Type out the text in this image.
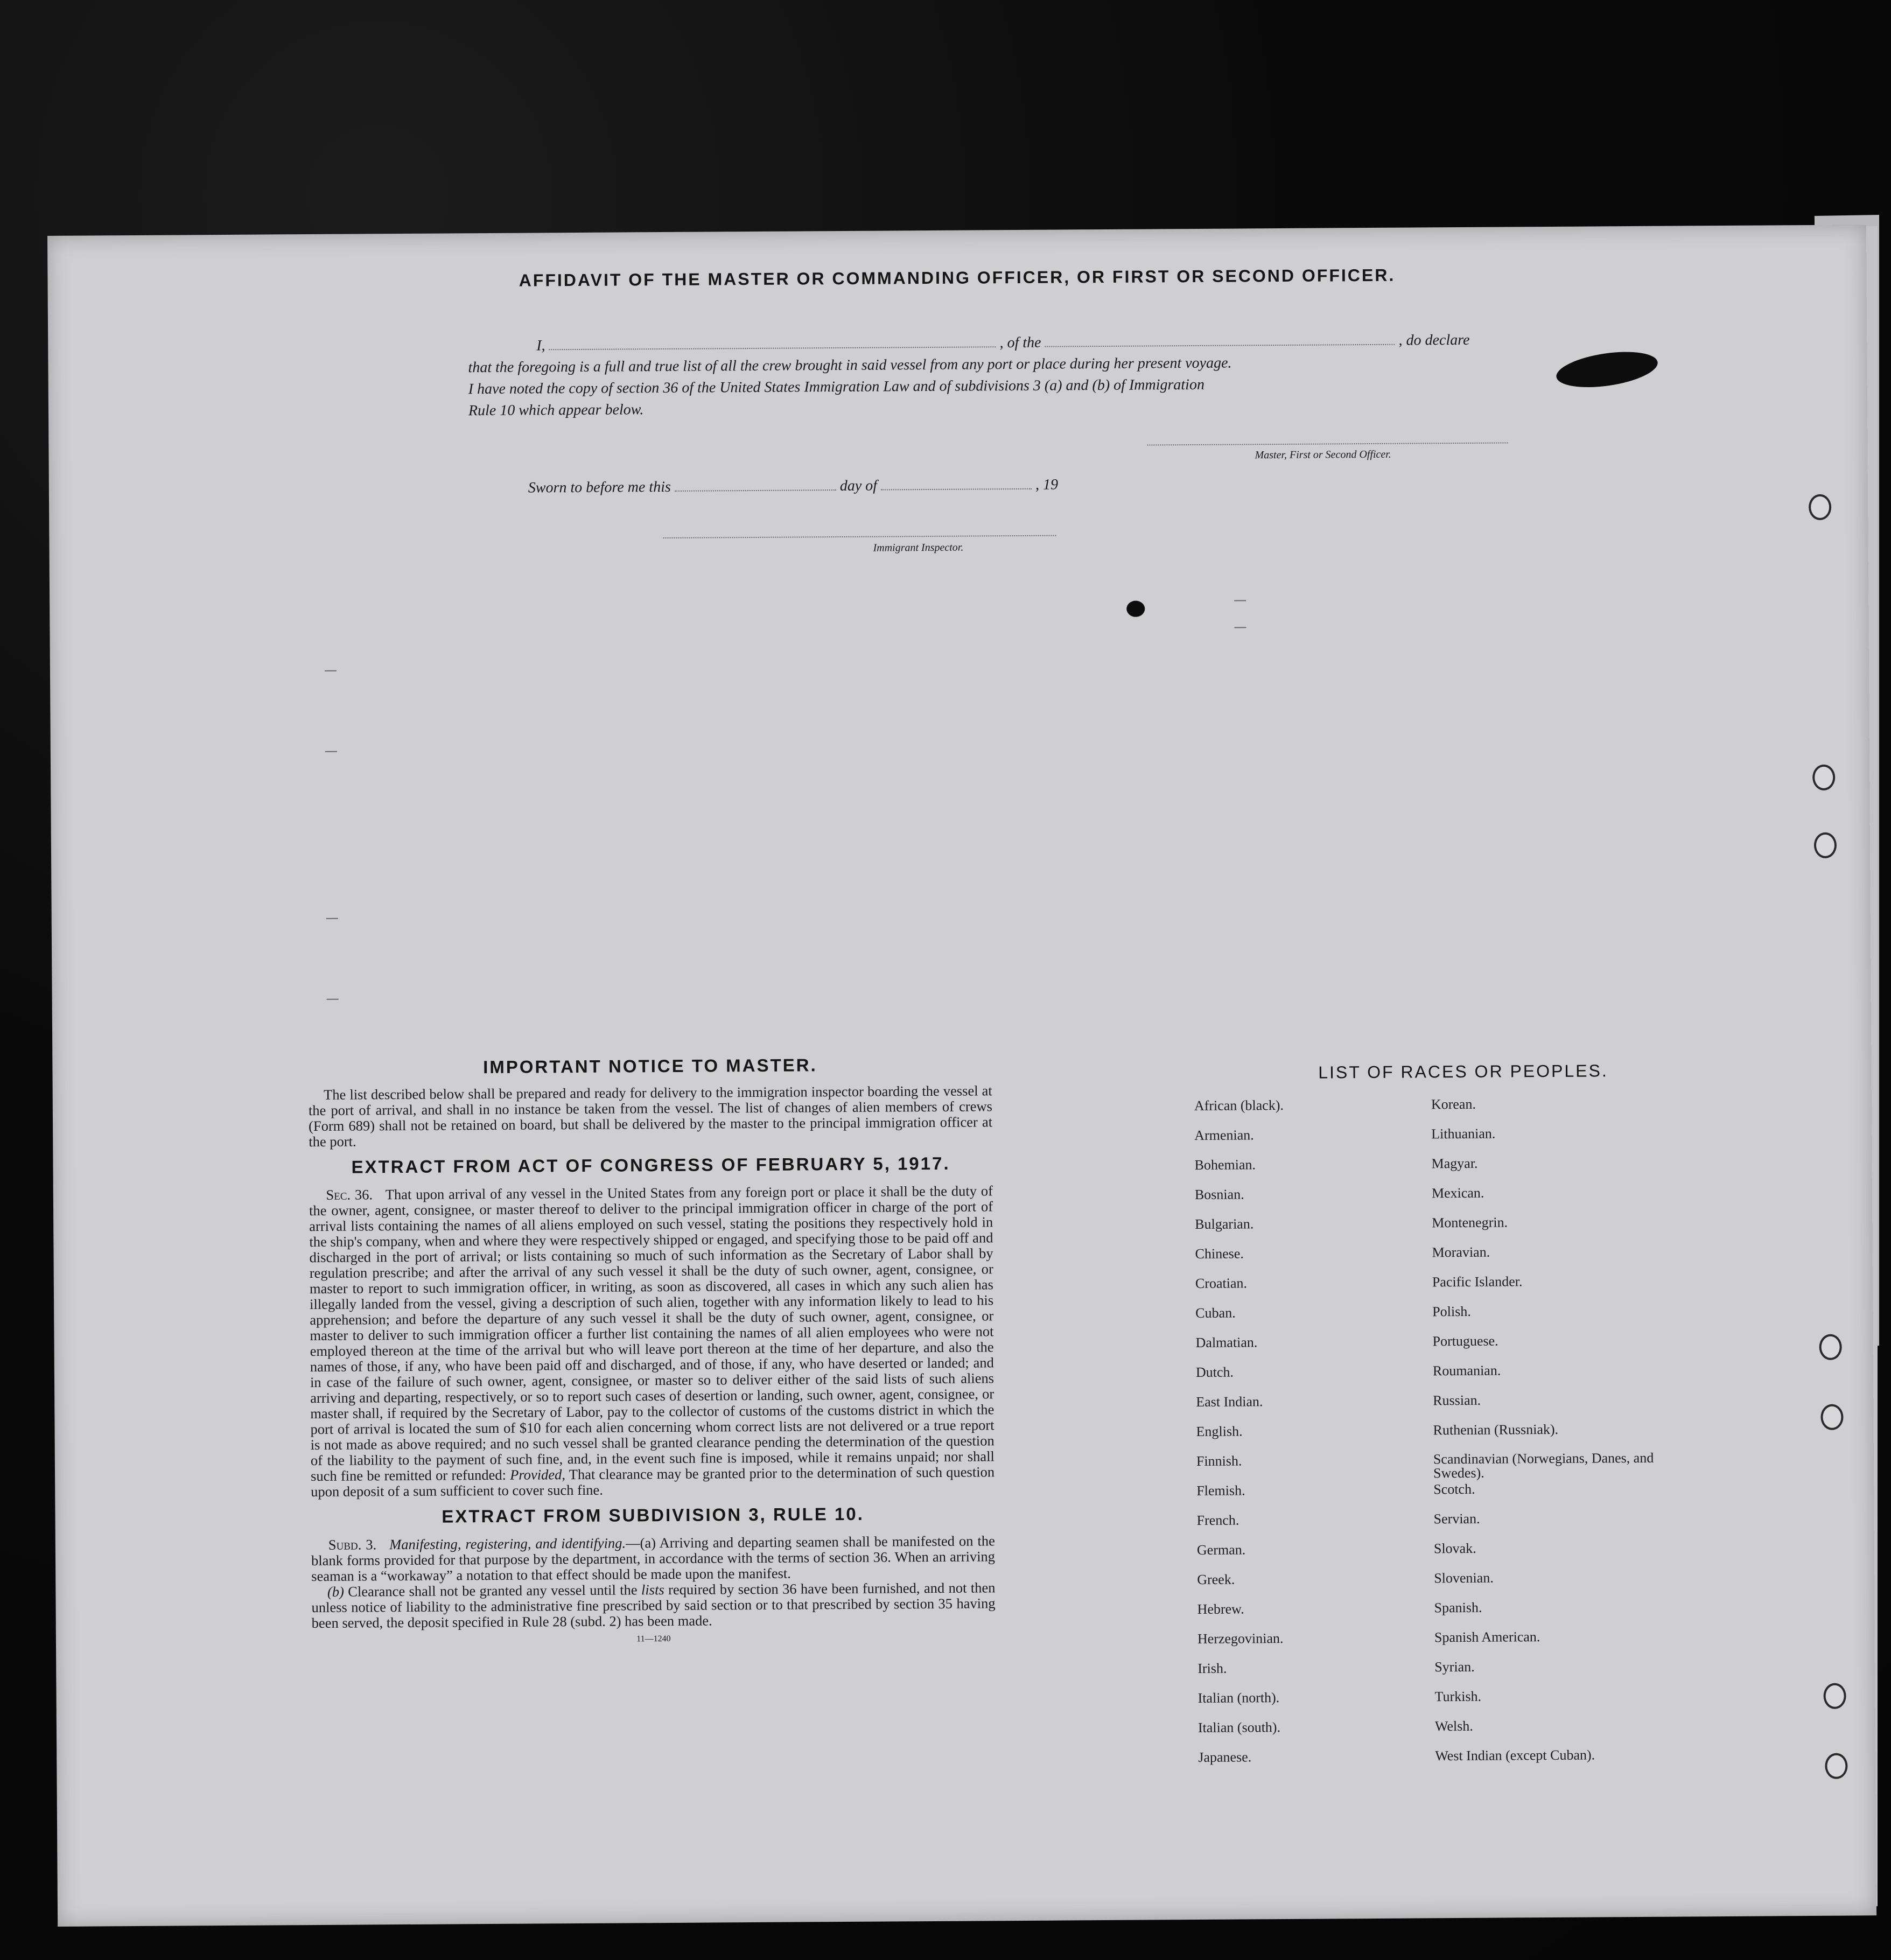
AFFIDAVIT OF THE MASTER OR COMMANDING OFFICER, OR FIRST OR SECOND OFFICER.
I,	, of the	, do declare
that the foregoing is a full and true list of all the crew brought in said vessel from any port or place during her present voyage.
I have noted the copy of section 36 of the United States Immigration Law and of subdivisions 3 (a) and (b) of Immigration
Rule 10 which appear below.
Master, First or Second Officer.
Sworn to before me this	day of	, 19
Immigrant Inspector.
IMPORTANT NOTICE TO MASTER.

The list described below shall be prepared and ready for delivery to the immigration inspector boarding the vessel at the port of arrival, and shall in no instance be taken from the vessel. The list of changes of alien members of crews (Form 689) shall not be retained on board, but shall be delivered by the master to the principal immigration officer at the port.

EXTRACT FROM ACT OF CONGRESS OF FEBRUARY 5, 1917.

Sec. 36. That upon arrival of any vessel in the United States from any foreign port or place it shall be the duty of the owner, agent, consignee, or master thereof to deliver to the principal immigration officer in charge of the port of arrival lists containing the names of all aliens employed on such vessel, stating the positions they respectively hold in the ship's company, when and where they were respectively shipped or engaged, and specifying those to be paid off and discharged in the port of arrival; or lists containing so much of such information as the Secretary of Labor shall by regulation prescribe; and after the arrival of any such vessel it shall be the duty of such owner, agent, consignee, or master to report to such immigration officer, in writing, as soon as discovered, all cases in which any such alien has illegally landed from the vessel, giving a description of such alien, together with any information likely to lead to his apprehension; and before the departure of any such vessel it shall be the duty of such owner, agent, consignee, or master to deliver to such immigration officer a further list containing the names of all alien employees who were not employed thereon at the time of the arrival but who will leave port thereon at the time of her departure, and also the names of those, if any, who have been paid off and discharged, and of those, if any, who have deserted or landed; and in case of the failure of such owner, agent, consignee, or master so to deliver either of the said lists of such aliens arriving and departing, respectively, or so to report such cases of desertion or landing, such owner, agent, consignee, or master shall, if required by the Secretary of Labor, pay to the collector of customs of the customs district in which the port of arrival is located the sum of $10 for each alien concerning whom correct lists are not delivered or a true report is not made as above required; and no such vessel shall be granted clearance pending the determination of the question of the liability to the payment of such fine, and, in the event such fine is imposed, while it remains unpaid; nor shall such fine be remitted or refunded: Provided, That clearance may be granted prior to the determination of such question upon deposit of a sum sufficient to cover such fine.

EXTRACT FROM SUBDIVISION 3, RULE 10.

Subd. 3. Manifesting, registering, and identifying.—(a) Arriving and departing seamen shall be manifested on the blank forms provided for that purpose by the department, in accordance with the terms of section 36. When an arriving seaman is a “workaway” a notation to that effect should be made upon the manifest.

(b) Clearance shall not be granted any vessel until the lists required by section 36 have been furnished, and not then unless notice of liability to the administrative fine prescribed by said section or to that prescribed by section 35 having been served, the deposit specified in Rule 28 (subd. 2) has been made.

11—1240
LIST OF RACES OR PEOPLES.
African (black).
Armenian.
Bohemian.
Bosnian.
Bulgarian.
Chinese.
Croatian.
Cuban.
Dalmatian.
Dutch.
East Indian.
English.
Finnish.
Flemish.
French.
German.
Greek.
Hebrew.
Herzegovinian.
Irish.
Italian (north).
Italian (south).
Japanese.
Korean.
Lithuanian.
Magyar.
Mexican.
Montenegrin.
Moravian.
Pacific Islander.
Polish.
Portuguese.
Roumanian.
Russian.
Ruthenian (Russniak).
Scandinavian (Norwegians, Danes, and Swedes).
Scotch.
Servian.
Slovak.
Slovenian.
Spanish.
Spanish American.
Syrian.
Turkish.
Welsh.
West Indian (except Cuban).
